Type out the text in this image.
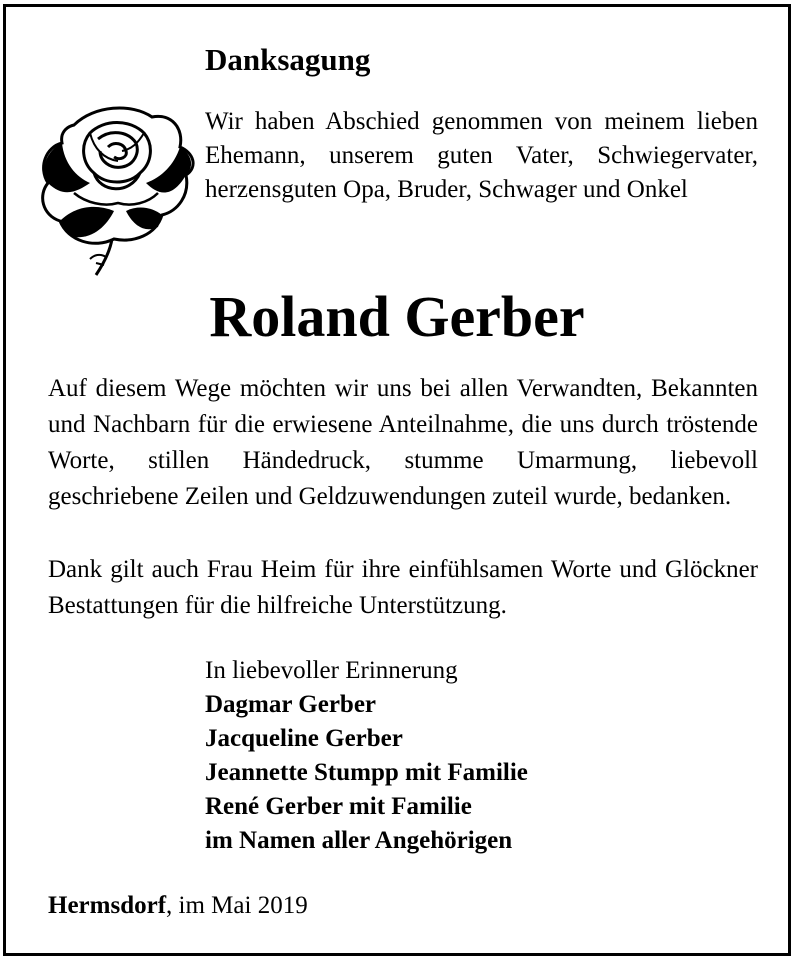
Danksagung

Wir haben Abschied genommen von meinem lieben Ehemann, unserem guten Vater, Schwiegervater, herzensguten Opa, Bruder, Schwager und Onkel

Roland Gerber

Auf diesem Wege möchten wir uns bei allen Verwandten, Bekannten und Nachbarn für die erwiesene Anteilnahme, die uns durch tröstende Worte, stillen Händedruck, stumme Umarmung, liebevoll geschriebene Zeilen und Geldzuwendungen zuteil wurde, bedanken.

Dank gilt auch Frau Heim für ihre einfühlsamen Worte und Glöckner Bestattungen für die hilfreiche Unterstützung.

In liebevoller Erinnerung
Dagmar Gerber
Jacqueline Gerber
Jeannette Stumpp mit Familie
René Gerber mit Familie
im Namen aller Angehörigen
Hermsdorf, im Mai 2019
